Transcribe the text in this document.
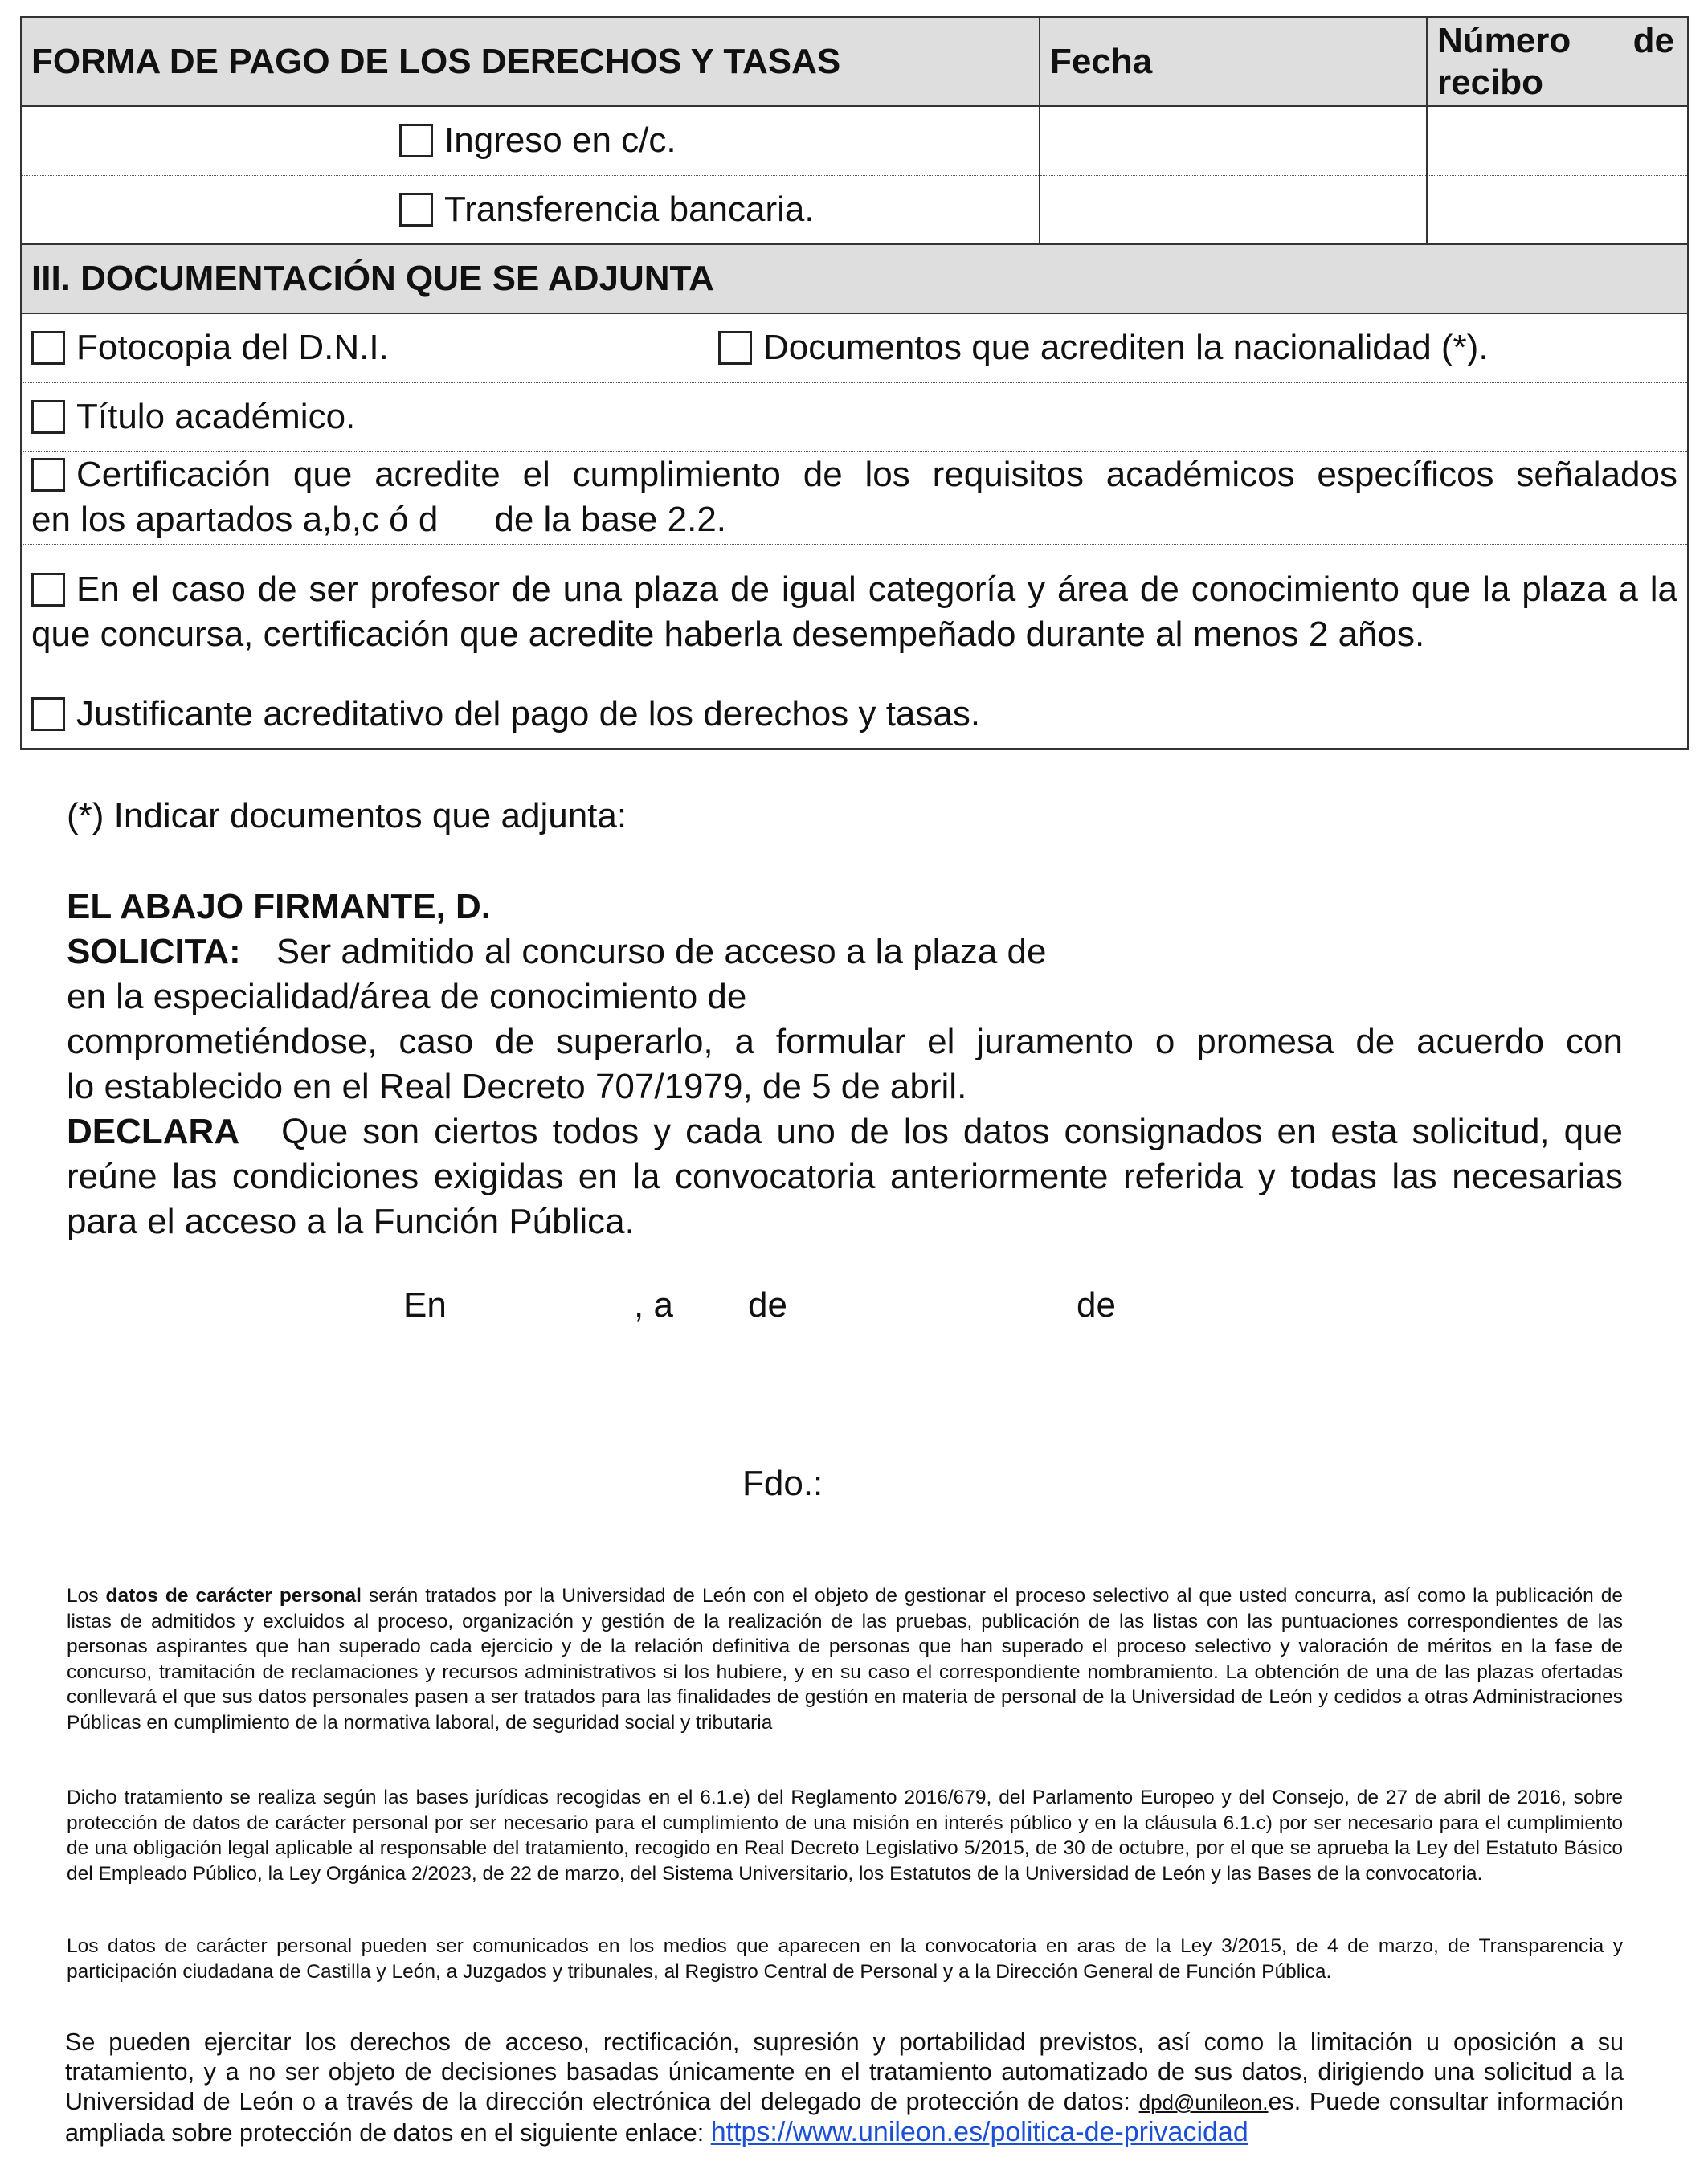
FORMA DE PAGO DE LOS DERECHOS Y TASAS	Fecha	Número de
recibo

Ingreso en c/c.		
Transferencia bancaria.		
III. DOCUMENTACIÓN QUE SE ADJUNTA		
Fotocopia del D.N.I. Documentos que acrediten la nacionalidad (*).		

Título académico.		

Certificación que acredite el cumplimiento de los requisitos académicos específicos señalados
en los apartados a,b,c ó d de la base 2.2.		

En el caso de ser profesor de una plaza de igual categoría y área de conocimiento que la plaza a la que concursa, certificación que acredite haberla desempeñado durante al menos 2 años.		
Justificante acreditativo del pago de los derechos y tasas.		
(*) Indicar documentos que adjunta:
EL ABAJO FIRMANTE, D.
SOLICITA: Ser admitido al concurso de acceso a la plaza de
en la especialidad/área de conocimiento de
comprometiéndose, caso de superarlo, a formular el juramento o promesa de acuerdo con
lo establecido en el Real Decreto 707/1979, de 5 de abril.
DECLARA Que son ciertos todos y cada uno de los datos consignados en esta solicitud, que reúne las condiciones exigidas en la convocatoria anteriormente referida y todas las necesarias para el acceso a la Función Pública.
En	, a de	de
Fdo.:
Los datos de carácter personal serán tratados por la Universidad de León con el objeto de gestionar el proceso selectivo al que usted concurra, así como la publicación de listas de admitidos y excluidos al proceso, organización y gestión de la realización de las pruebas, publicación de las listas con las puntuaciones correspondientes de las personas aspirantes que han superado cada ejercicio y de la relación definitiva de personas que han superado el proceso selectivo y valoración de méritos en la fase de concurso, tramitación de reclamaciones y recursos administrativos si los hubiere, y en su caso el correspondiente nombramiento. La obtención de una de las plazas ofertadas conllevará el que sus datos personales pasen a ser tratados para las finalidades de gestión en materia de personal de la Universidad de León y cedidos a otras Administraciones Públicas en cumplimiento de la normativa laboral, de seguridad social y tributaria
Dicho tratamiento se realiza según las bases jurídicas recogidas en el 6.1.e) del Reglamento 2016/679, del Parlamento Europeo y del Consejo, de 27 de abril de 2016, sobre protección de datos de carácter personal por ser necesario para el cumplimiento de una misión en interés público y en la cláusula 6.1.c) por ser necesario para el cumplimiento de una obligación legal aplicable al responsable del tratamiento, recogido en Real Decreto Legislativo 5/2015, de 30 de octubre, por el que se aprueba la Ley del Estatuto Básico del Empleado Público, la Ley Orgánica 2/2023, de 22 de marzo, del Sistema Universitario, los Estatutos de la Universidad de León y las Bases de la convocatoria.
Los datos de carácter personal pueden ser comunicados en los medios que aparecen en la convocatoria en aras de la Ley 3/2015, de 4 de marzo, de Transparencia y participación ciudadana de Castilla y León, a Juzgados y tribunales, al Registro Central de Personal y a la Dirección General de Función Pública.
Se pueden ejercitar los derechos de acceso, rectificación, supresión y portabilidad previstos, así como la limitación u oposición a su tratamiento, y a no ser objeto de decisiones basadas únicamente en el tratamiento automatizado de sus datos, dirigiendo una solicitud a la Universidad de León o a través de la dirección electrónica del delegado de protección de datos: dpd@unileon.es. Puede consultar información ampliada sobre protección de datos en el siguiente enlace: https://www.unileon.es/politica-de-privacidad
